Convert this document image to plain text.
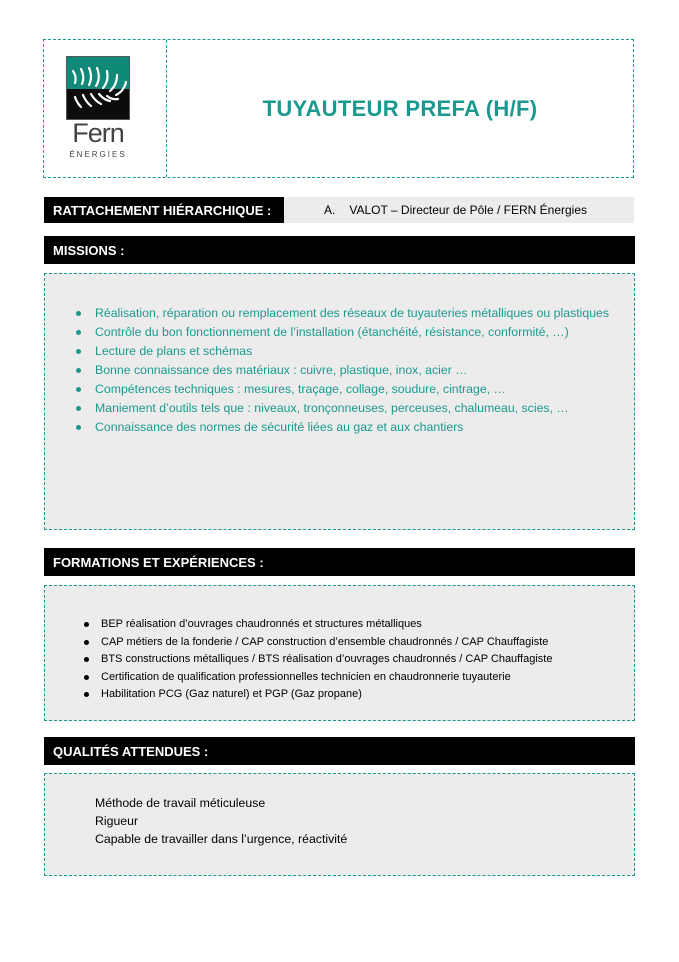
Fern
ÉNERGIES
TUYAUTEUR PREFA (H/F)
RATTACHEMENT HIÉRARCHIQUE :	A. VALOT – Directeur de Pôle / FERN Énergies
MISSIONS :
Réalisation, réparation ou remplacement des réseaux de tuyauteries métalliques ou plastiques
Contrôle du bon fonctionnement de l’installation (étanchéité, résistance, conformité, …)
Lecture de plans et schémas
Bonne connaissance des matériaux : cuivre, plastique, inox, acier …
Compétences techniques : mesures, traçage, collage, soudure, cintrage, …
Maniement d’outils tels que : niveaux, tronçonneuses, perceuses, chalumeau, scies, …
Connaissance des normes de sécurité liées au gaz et aux chantiers
FORMATIONS ET EXPÉRIENCES :
BEP réalisation d’ouvrages chaudronnés et structures métalliques
CAP métiers de la fonderie / CAP construction d’ensemble chaudronnés / CAP Chauffagiste
BTS constructions métalliques / BTS réalisation d’ouvrages chaudronnés / CAP Chauffagiste
Certification de qualification professionnelles technicien en chaudronnerie tuyauterie
Habilitation PCG (Gaz naturel) et PGP (Gaz propane)
QUALITÉS ATTENDUES :
Méthode de travail méticuleuse
Rigueur
Capable de travailler dans l’urgence, réactivité
